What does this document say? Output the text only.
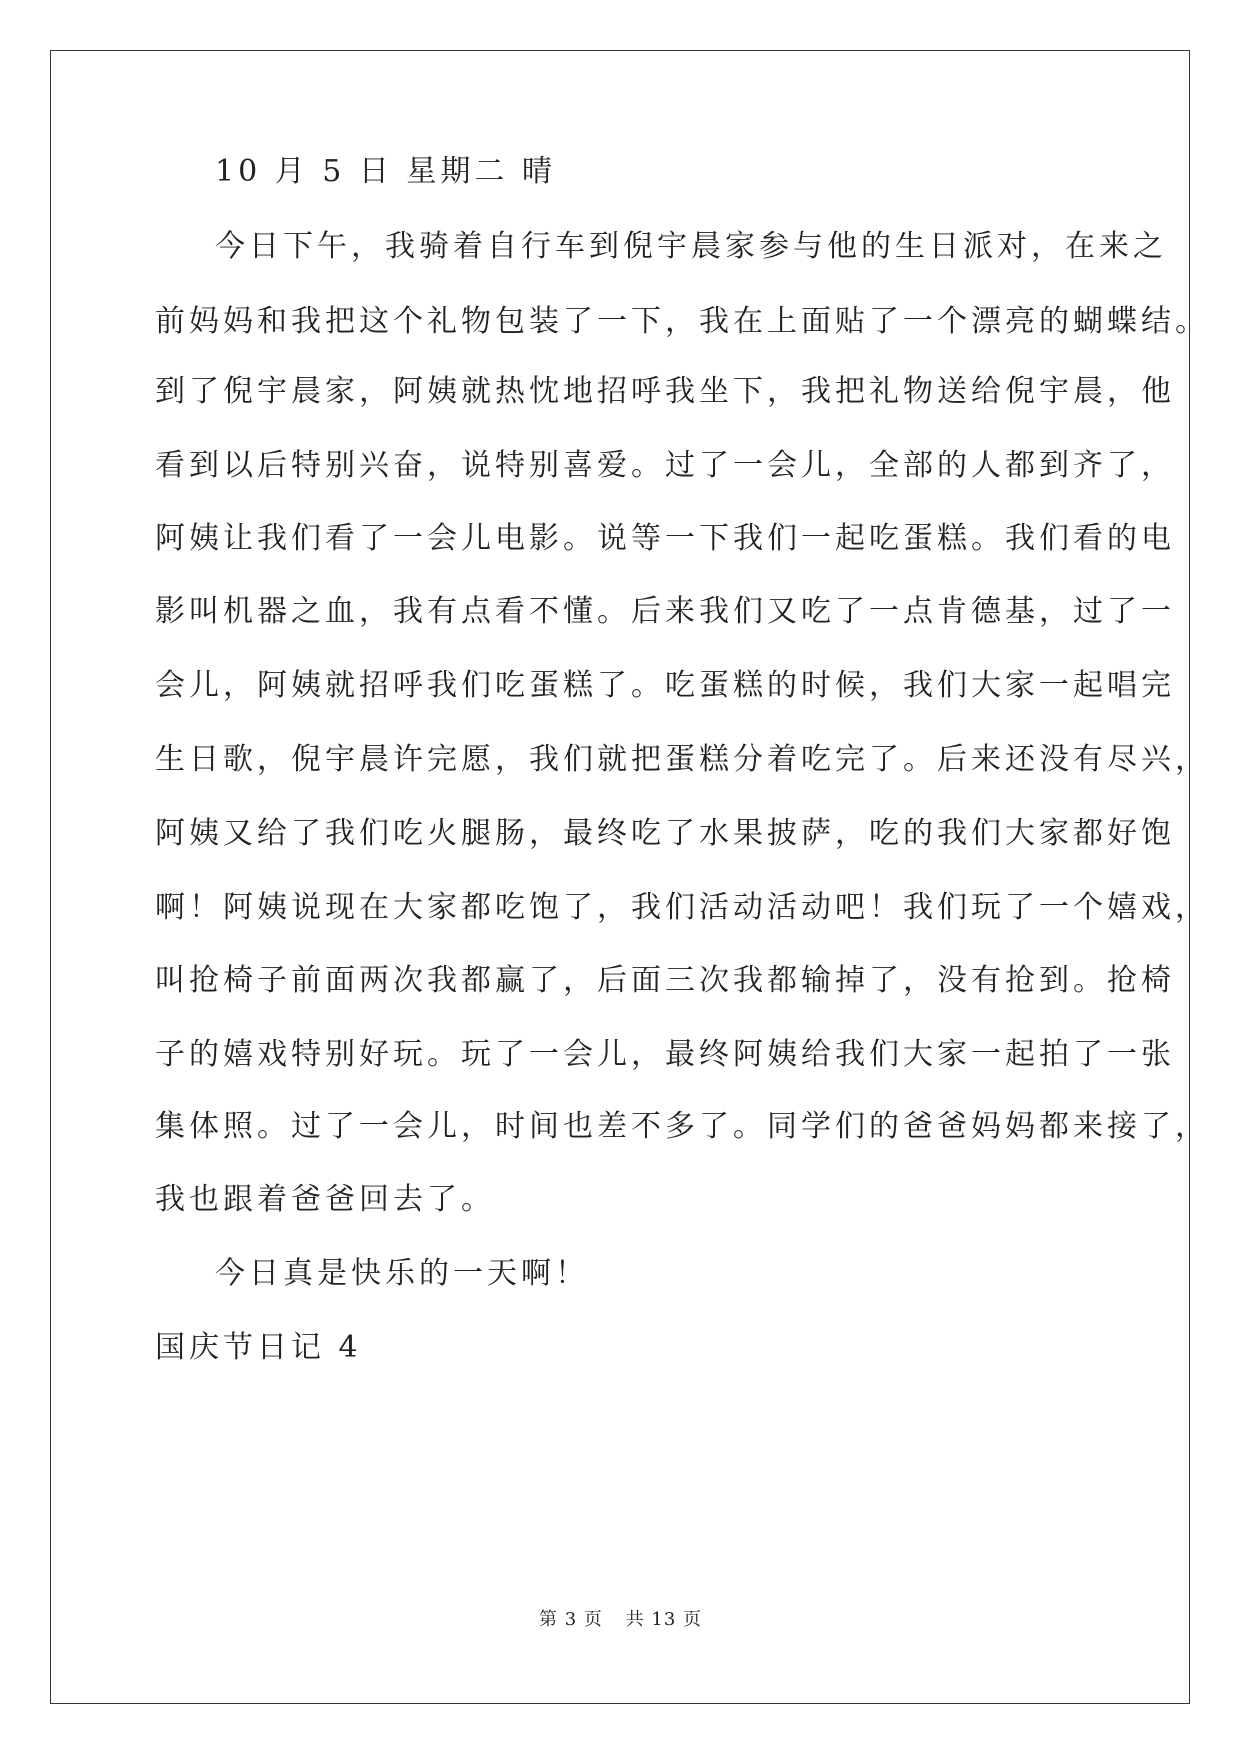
10 月 5 日 星期二 晴
今日下午，我骑着自行车到倪宇晨家参与他的生日派对，在来之
前妈妈和我把这个礼物包装了一下，我在上面贴了一个漂亮的蝴蝶结。
到了倪宇晨家，阿姨就热忱地招呼我坐下，我把礼物送给倪宇晨，他
看到以后特别兴奋，说特别喜爱。过了一会儿，全部的人都到齐了，
阿姨让我们看了一会儿电影。说等一下我们一起吃蛋糕。我们看的电
影叫机器之血，我有点看不懂。后来我们又吃了一点肯德基，过了一
会儿，阿姨就招呼我们吃蛋糕了。吃蛋糕的时候，我们大家一起唱完
生日歌，倪宇晨许完愿，我们就把蛋糕分着吃完了。后来还没有尽兴，
阿姨又给了我们吃火腿肠，最终吃了水果披萨，吃的我们大家都好饱
啊！阿姨说现在大家都吃饱了，我们活动活动吧！我们玩了一个嬉戏，
叫抢椅子前面两次我都赢了，后面三次我都输掉了，没有抢到。抢椅
子的嬉戏特别好玩。玩了一会儿，最终阿姨给我们大家一起拍了一张
集体照。过了一会儿，时间也差不多了。同学们的爸爸妈妈都来接了，
我也跟着爸爸回去了。
今日真是快乐的一天啊！
国庆节日记 4
第 3 页 共 13 页
